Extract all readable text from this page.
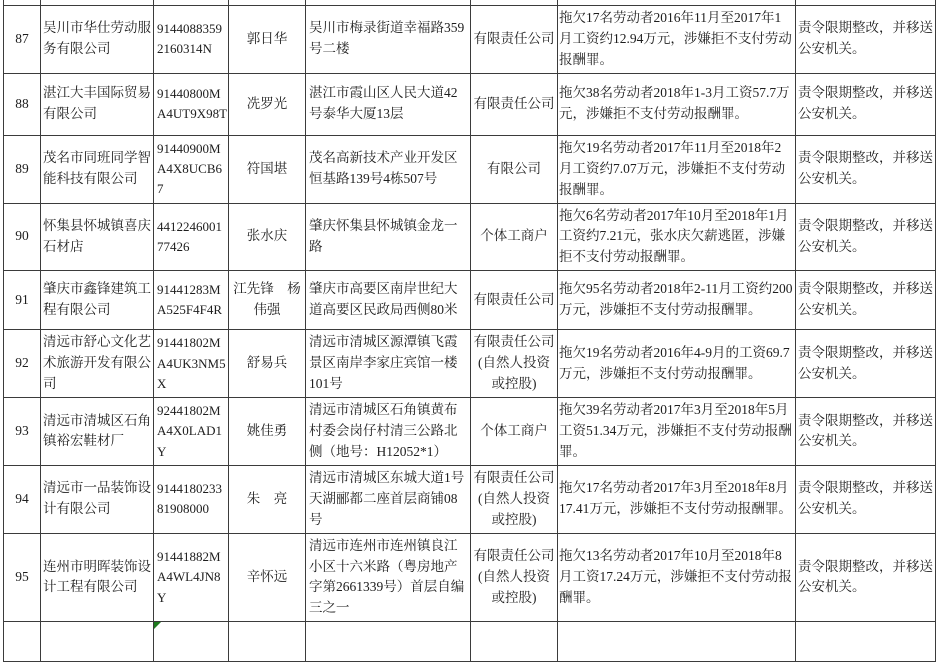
87	吴川市华仕劳动服务有限公司	91440883592160314N	郭日华	吴川市梅录街道幸福路359号二楼	有限责任公司	拖欠17名劳动者2016年11月至2017年1月工资约12.94万元，涉嫌拒不支付劳动报酬罪。	责令限期整改，并移送公安机关。
88	湛江大丰国际贸易有限公司	91440800MA4UT9X98T	冼罗光	湛江市霞山区人民大道42号泰华大厦13层	有限责任公司	拖欠38名劳动者2018年1-3月工资57.7万元，涉嫌拒不支付劳动报酬罪。	责令限期整改，并移送公安机关。
89	茂名市同班同学智能科技有限公司	91440900MA4X8UCB67	符国堪	茂名高新技术产业开发区恒基路139号4栋507号	有限公司	拖欠19名劳动者2017年11月至2018年2月工资约7.07万元，涉嫌拒不支付劳动报酬罪。	责令限期整改，并移送公安机关。
90	怀集县怀城镇喜庆石材店	441224600177426	张水庆	肇庆怀集县怀城镇金龙一路	个体工商户	拖欠6名劳动者2017年10月至2018年1月工资约7.21元，张水庆欠薪逃匿，涉嫌拒不支付劳动报酬罪。	责令限期整改，并移送公安机关。
91	肇庆市鑫锋建筑工程有限公司	91441283MA525F4F4R	江先锋　杨伟强	肇庆市高要区南岸世纪大道高要区民政局西侧80米	有限责任公司	拖欠95名劳动者2018年2-11月工资约200万元，涉嫌拒不支付劳动报酬罪。	责令限期整改，并移送公安机关。
92	清远市舒心文化艺术旅游开发有限公司	91441802MA4UK3NM5X	舒易兵	清远市清城区源潭镇飞霞景区南岸李家庄宾馆一楼101号	有限责任公司(自然人投资或控股)	拖欠19名劳动者2016年4-9月的工资69.7万元，涉嫌拒不支付劳动报酬罪。	责令限期整改，并移送公安机关。
93	清远市清城区石角镇裕宏鞋材厂	92441802MA4X0LAD1Y	姚佳勇	清远市清城区石角镇黄布村委会岗仔村清三公路北侧（地号：H12052*1）	个体工商户	拖欠39名劳动者2017年3月至2018年5月工资51.34万元，涉嫌拒不支付劳动报酬罪。	责令限期整改，并移送公安机关。
94	清远市一品装饰设计有限公司	914418023381908000	朱　亮	清远市清城区东城大道1号天湖郦都二座首层商铺08号	有限责任公司(自然人投资或控股)	拖欠17名劳动者2017年3月至2018年8月17.41万元，涉嫌拒不支付劳动报酬罪。	责令限期整改，并移送公安机关。
95	连州市明晖装饰设计工程有限公司	91441882MA4WL4JN8Y	辛怀远	清远市连州市连州镇良江小区十六米路（粤房地产字第2661339号）首层自编三之一	有限责任公司(自然人投资或控股)	拖欠13名劳动者2017年10月至2018年8月工资17.24万元，涉嫌拒不支付劳动报酬罪。	责令限期整改，并移送公安机关。
